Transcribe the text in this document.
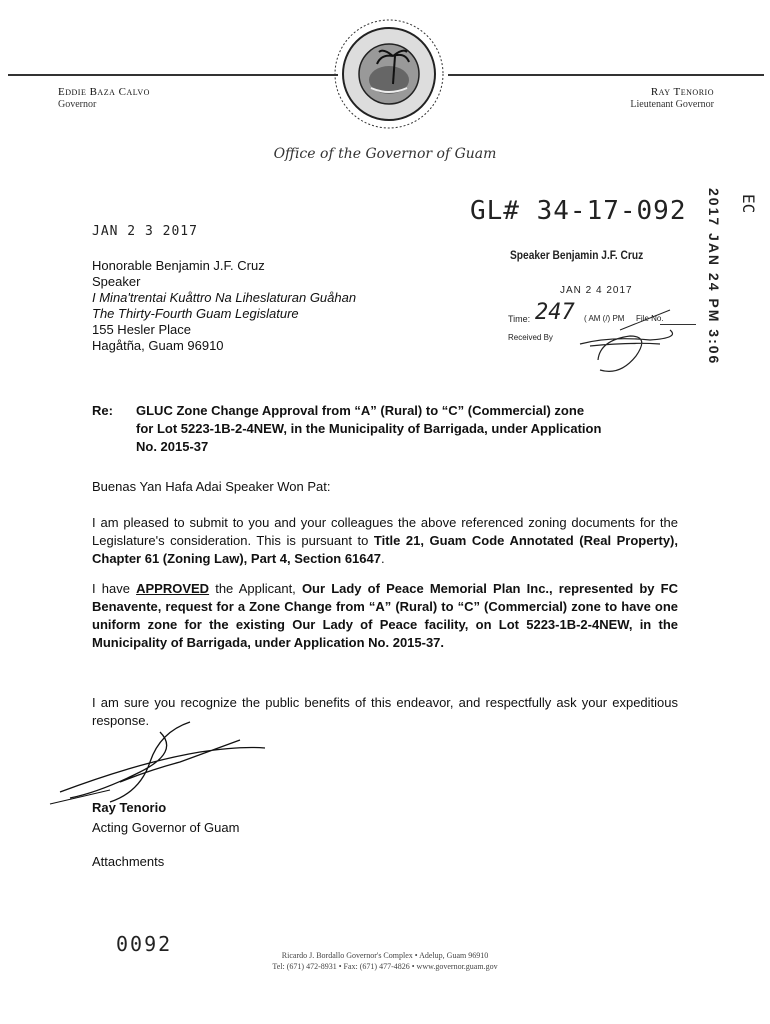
Eddie Baza Calvo
Governor
Ray Tenorio
Lieutenant Governor
Office of the Governor of Guam
JAN 2 3 2017
GL# 34-17-092
Speaker Benjamin J.F. Cruz
JAN 2 4 2017
Time: 247 ( AM (/) PM File No.
Received By	2017 JAN 24 PM 3:06 EC
Honorable Benjamin J.F. Cruz
Speaker
I Mina'trentai Kuåttro Na Liheslaturan Guåhan
The Thirty-Fourth Guam Legislature
155 Hesler Place
Hagåtña, Guam 96910
Re: GLUC Zone Change Approval from “A” (Rural) to “C” (Commercial) zone
for Lot 5223-1B-2-4NEW, in the Municipality of Barrigada, under Application
No. 2015-37
Buenas Yan Hafa Adai Speaker Won Pat:
I am pleased to submit to you and your colleagues the above referenced zoning documents for the Legislature's consideration. This is pursuant to Title 21, Guam Code Annotated (Real Property), Chapter 61 (Zoning Law), Part 4, Section 61647.
I have APPROVED the Applicant, Our Lady of Peace Memorial Plan Inc., represented by FC Benavente, request for a Zone Change from “A” (Rural) to “C” (Commercial) zone to have one uniform zone for the existing Our Lady of Peace facility, on Lot 5223-1B-2-4NEW, in the Municipality of Barrigada, under Application No. 2015-37.
I am sure you recognize the public benefits of this endeavor, and respectfully ask your expeditious response.
Ray Tenorio
Acting Governor of Guam
Attachments
0092	Ricardo J. Bordallo Governor's Complex • Adelup, Guam 96910
Tel: (671) 472-8931 • Fax: (671) 477-4826 • www.governor.guam.gov
